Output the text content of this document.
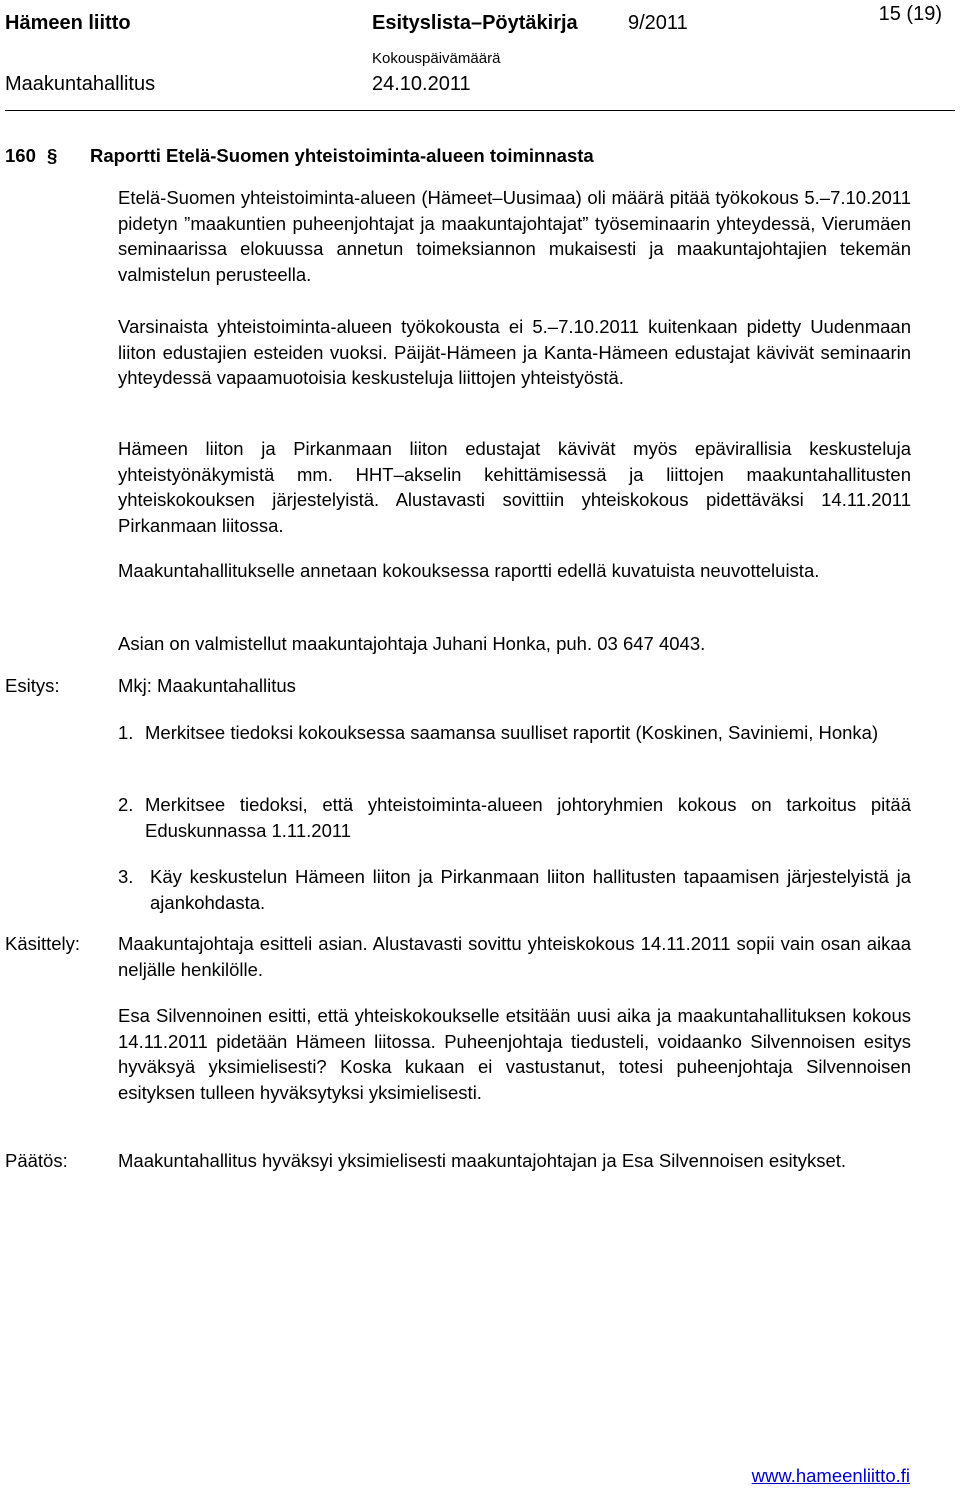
Hämeen liitto	Esityslista–Pöytäkirja	9/2011	15 (19)
Maakuntahallitus
Kokouspäivämäärä
24.10.2011
160 § Raportti Etelä-Suomen yhteistoiminta-alueen toiminnasta
Etelä-Suomen yhteistoiminta-alueen (Hämeet–Uusimaa) oli määrä pitää työkokous 5.–7.10.2011 pidetyn ”maakuntien puheenjohtajat ja maakuntajohtajat” työseminaarin yhteydessä, Vierumäen seminaarissa elokuussa annetun toimeksiannon mukaisesti ja maakuntajohtajien tekemän valmistelun perusteella.
Varsinaista yhteistoiminta-alueen työkokousta ei 5.–7.10.2011 kuitenkaan pidetty Uudenmaan liiton edustajien esteiden vuoksi. Päijät-Hämeen ja Kanta-Hämeen edustajat kävivät seminaarin yhteydessä vapaamuotoisia keskusteluja liittojen yhteistyöstä.
Hämeen liiton ja Pirkanmaan liiton edustajat kävivät myös epävirallisia keskusteluja yhteistyönäkymistä mm. HHT–akselin kehittämisessä ja liittojen maakuntahallitusten yhteiskokouksen järjestelyistä. Alustavasti sovittiin yhteiskokous pidettäväksi 14.11.2011 Pirkanmaan liitossa.
Maakuntahallitukselle annetaan kokouksessa raportti edellä kuvatuista neuvotteluista.
Asian on valmistellut maakuntajohtaja Juhani Honka, puh. 03 647 4043.
Esitys:	Mkj: Maakuntahallitus
1. Merkitsee tiedoksi kokouksessa saamansa suulliset raportit (Koskinen, Saviniemi, Honka)
2. Merkitsee tiedoksi, että yhteistoiminta-alueen johtoryhmien kokous on tarkoitus pitää Eduskunnassa 1.11.2011
3. Käy keskustelun Hämeen liiton ja Pirkanmaan liiton hallitusten tapaamisen järjestelyistä ja ajankohdasta.
Käsittely: Maakuntajohtaja esitteli asian. Alustavasti sovittu yhteiskokous 14.11.2011 sopii vain osan aikaa neljälle henkilölle.
Esa Silvennoinen esitti, että yhteiskokoukselle etsitään uusi aika ja maakuntahallituksen kokous 14.11.2011 pidetään Hämeen liitossa. Puheenjohtaja tiedusteli, voidaanko Silvennoisen esitys hyväksyä yksimielisesti? Koska kukaan ei vastustanut, totesi puheenjohtaja Silvennoisen esityksen tulleen hyväksytyksi yksimielisesti.
Päätös:	Maakuntahallitus hyväksyi yksimielisesti maakuntajohtajan ja Esa Silvennoisen esitykset.
www.hameenliitto.fi
